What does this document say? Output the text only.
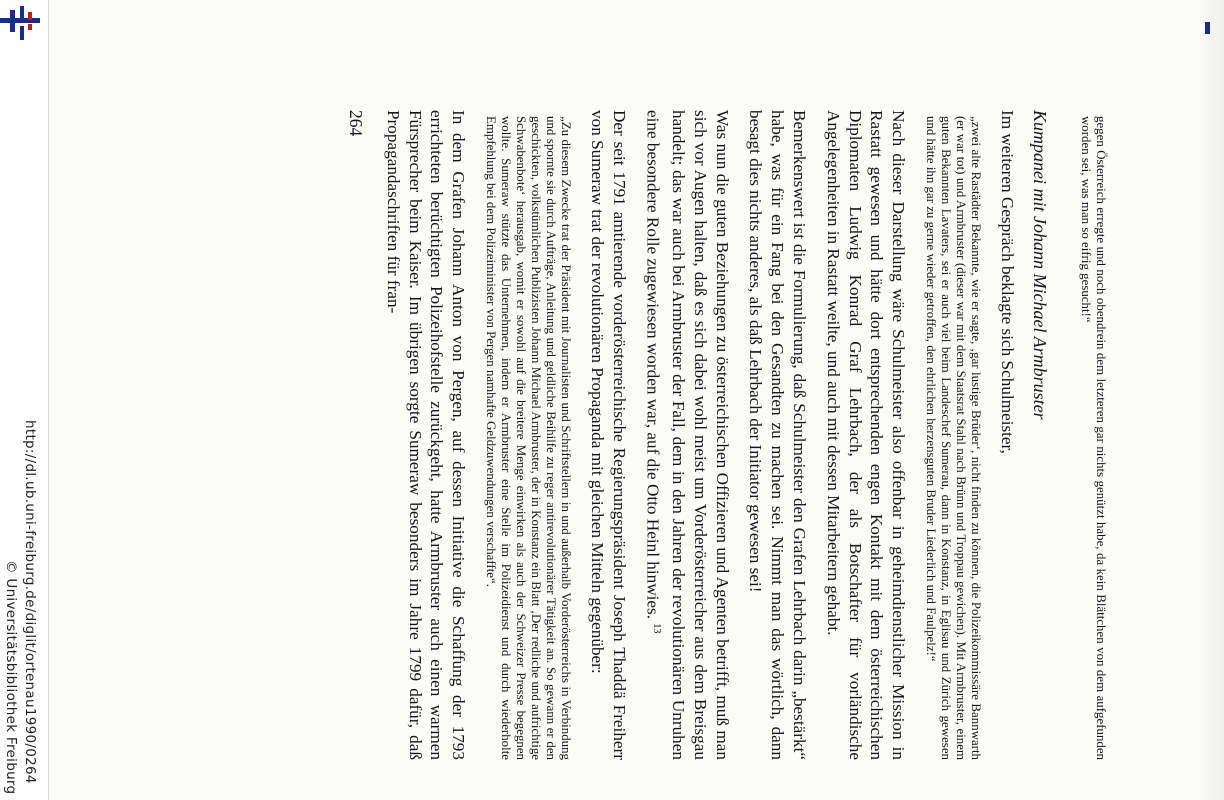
http://dl.ub.uni-freiburg.de/diglit/ortenau1990/0264
© Universitätsbibliothek Freiburg	gegen Österreich erregte und noch obendrein dem letzteren gar nichts genützt habe, da kein Blättchen von dem aufgefunden worden sei, was man so eifrig gesucht!“

Kumpanei mit Johann Michael Armbruster

Im weiteren Gespräch beklagte sich Schulmeister,

„zwei alte Rastädter Bekannte, wie er sagte, ‚gar lustige Brüder‘, nicht finden zu können, die Polizeikommissäre Bannwarth (er war tot) und Armbruster (dieser war mit dem Staatsrat Stahl nach Brünn und Troppau gewichen). Mit Armbruster, einem guten Bekannten Lavaters, sei er auch viel beim Landeschef Sumerau, dann in Konstanz, in Eglisau und Zürich gewesen und hätte ihn gar zu gerne wieder getroffen, den ehrlichen herzensguten Bruder Liederlich und Faulpelz!“

Nach dieser Darstellung wäre Schulmeister also offenbar in geheimdienstlicher Mission in Rastatt gewesen und hätte dort entsprechenden engen Kontakt mit dem österreichischen Diplomaten Ludwig Konrad Graf Lehrbach, der als Botschafter für vorländische Angelegenheiten in Rastatt weilte, und auch mit dessen Mitarbeitern gehabt.

Bemerkenswert ist die Formulierung, daß Schulmeister den Grafen Lehrbach darin „bestärkt“ habe, was für ein Fang bei den Gesandten zu machen sei. Nimmt man das wörtlich, dann besagt dies nichts anderes, als daß Lehrbach der Initiator gewesen sei!

Was nun die guten Beziehungen zu österreichischen Offizieren und Agenten betrifft, muß man sich vor Augen halten, daß es sich dabei wohl meist um Vorderösterreicher aus dem Breisgau handelt; das war auch bei Armbruster der Fall, dem in den Jahren der revolutionären Unruhen eine besondere Rolle zugewiesen worden war, auf die Otto Heinl hinwies. $^{13}$

Der seit 1791 amtierende vorderösterreichische Regierungspräsident Joseph Thaddä Freiherr von Sumeraw trat der revolutionären Propaganda mit gleichen Mitteln gegenüber:

„Zu diesem Zwecke trat der Präsident mit Journalisten und Schriftstellern in und außerhalb Vorderösterreichs in Verbindung und spornte sie durch Aufträge, Anleitung und geldliche Beihilfe zu reger antirevolutionärer Tätigkeit an. So gewann er den geschickten, volkstümlichen Publizisten Johann Michael Armbruster, der in Konstanz ein Blatt ‚Der redliche und aufrichtige Schwabenbote‘ herausgab, womit er sowohl auf die breitere Menge einwirken als auch der Schweizer Presse begegnen wollte. Sumeraw stützte das Unternehmen, indem er Armbruster eine Stelle im Polizeidienst und durch wiederholte Empfehlung bei dem Polizeiminister von Pergen namhafte Geldzuwendungen verschaffte“.

In dem Grafen Johann Anton von Pergen, auf dessen Initiative die Schaffung der 1793 errichteten berüchtigten Polizeihofstelle zurückgeht, hatte Armbruster auch einen warmen Fürsprecher beim Kaiser. Im übrigen sorgte Sumeraw besonders im Jahre 1799 dafür, daß Propagandaschriften für fran-

264
